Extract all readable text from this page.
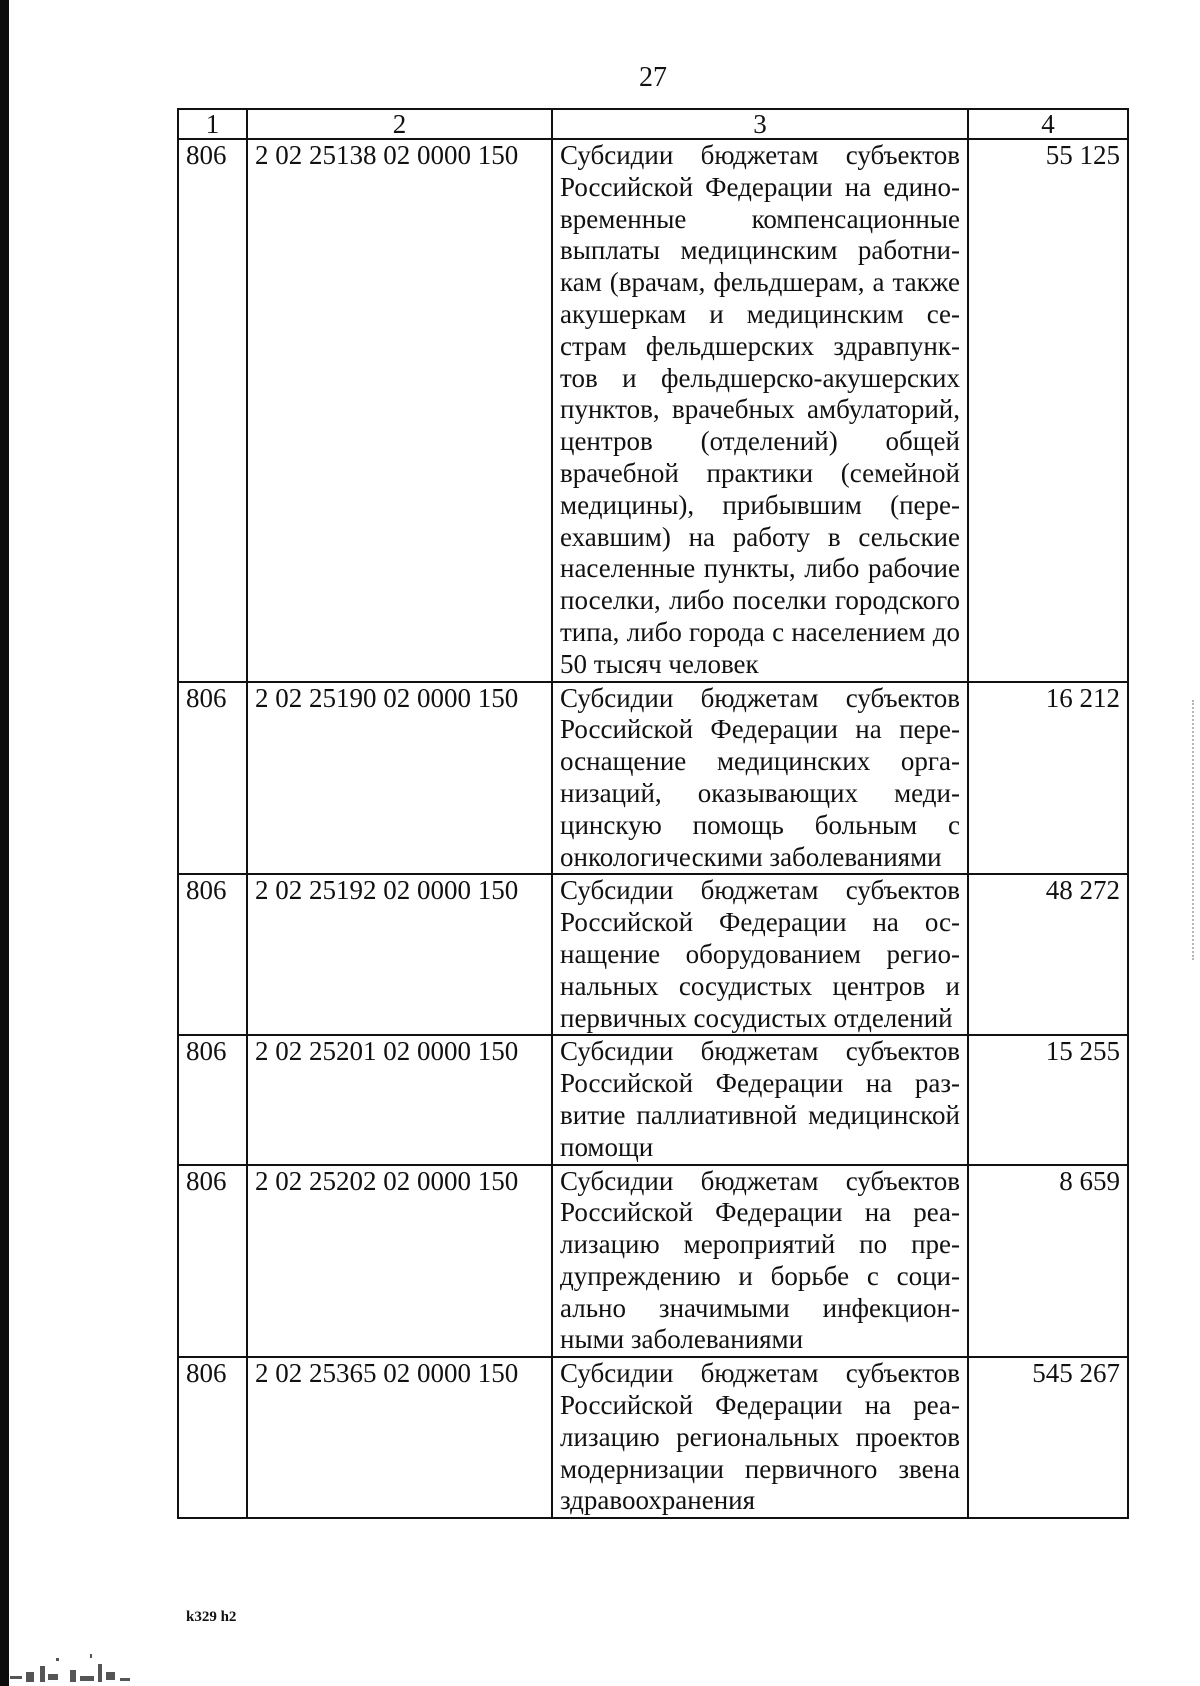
27
1	2	3	4
806	2 02 25138 02 0000 150	Субсидии бюджетам субъектов Российской Федерации на единовременные компенсационные выплаты медицинским работникам (врачам, фельдшерам, а также акушеркам и медицинским сестрам фельдшерских здравпунктов и фельдшерско-акушерских пунктов, врачебных амбулаторий, центров (отделений) общей врачебной практики (семейной медицины), прибывшим (переехавшим) на работу в сельские населенные пункты, либо рабочие поселки, либо поселки городского типа, либо города с населением до 50 тысяч человек	55 125
806	2 02 25190 02 0000 150	Субсидии бюджетам субъектов Российской Федерации на переоснащение медицинских организаций, оказывающих медицинскую помощь больным с онкологическими заболеваниями	16 212
806	2 02 25192 02 0000 150	Субсидии бюджетам субъектов Российской Федерации на оснащение оборудованием региональных сосудистых центров и первичных сосудистых отделений	48 272
806	2 02 25201 02 0000 150	Субсидии бюджетам субъектов Российской Федерации на развитие паллиативной медицинской помощи	15 255
806	2 02 25202 02 0000 150	Субсидии бюджетам субъектов Российской Федерации на реализацию мероприятий по предупреждению и борьбе с социально значимыми инфекционными заболеваниями	8 659
806	2 02 25365 02 0000 150	Субсидии бюджетам субъектов Российской Федерации на реализацию региональных проектов модернизации первичного звена здравоохранения	545 267
k329 h2
